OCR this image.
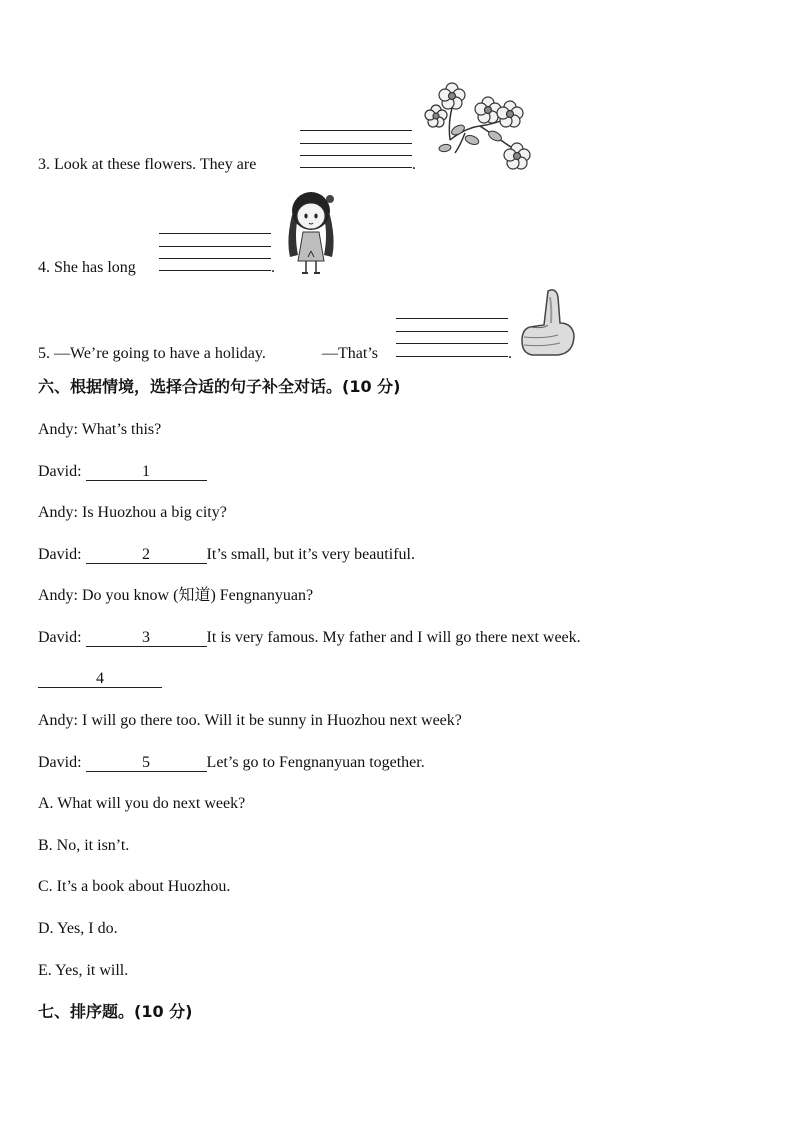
3. Look at these flowers. They are	.
4. She has long	.
5. —We’re going to have a holiday.	—That’s	.
六、根据情境，选择合适的句子补全对话。(10 分)
Andy: What’s this?
David:	1
Andy: Is Huozhou a big city?
David:	2	It’s small, but it’s very beautiful.
Andy: Do you know (知道) Fengnanyuan?
David:	3	It is very famous. My father and I will go there next week.
4
Andy: I will go there too. Will it be sunny in Huozhou next week?
David:	5	Let’s go to Fengnanyuan together.
A. What will you do next week?
B. No, it isn’t.
C. It’s a book about Huozhou.
D. Yes, I do.
E. Yes, it will.
七、排序题。(10 分)
